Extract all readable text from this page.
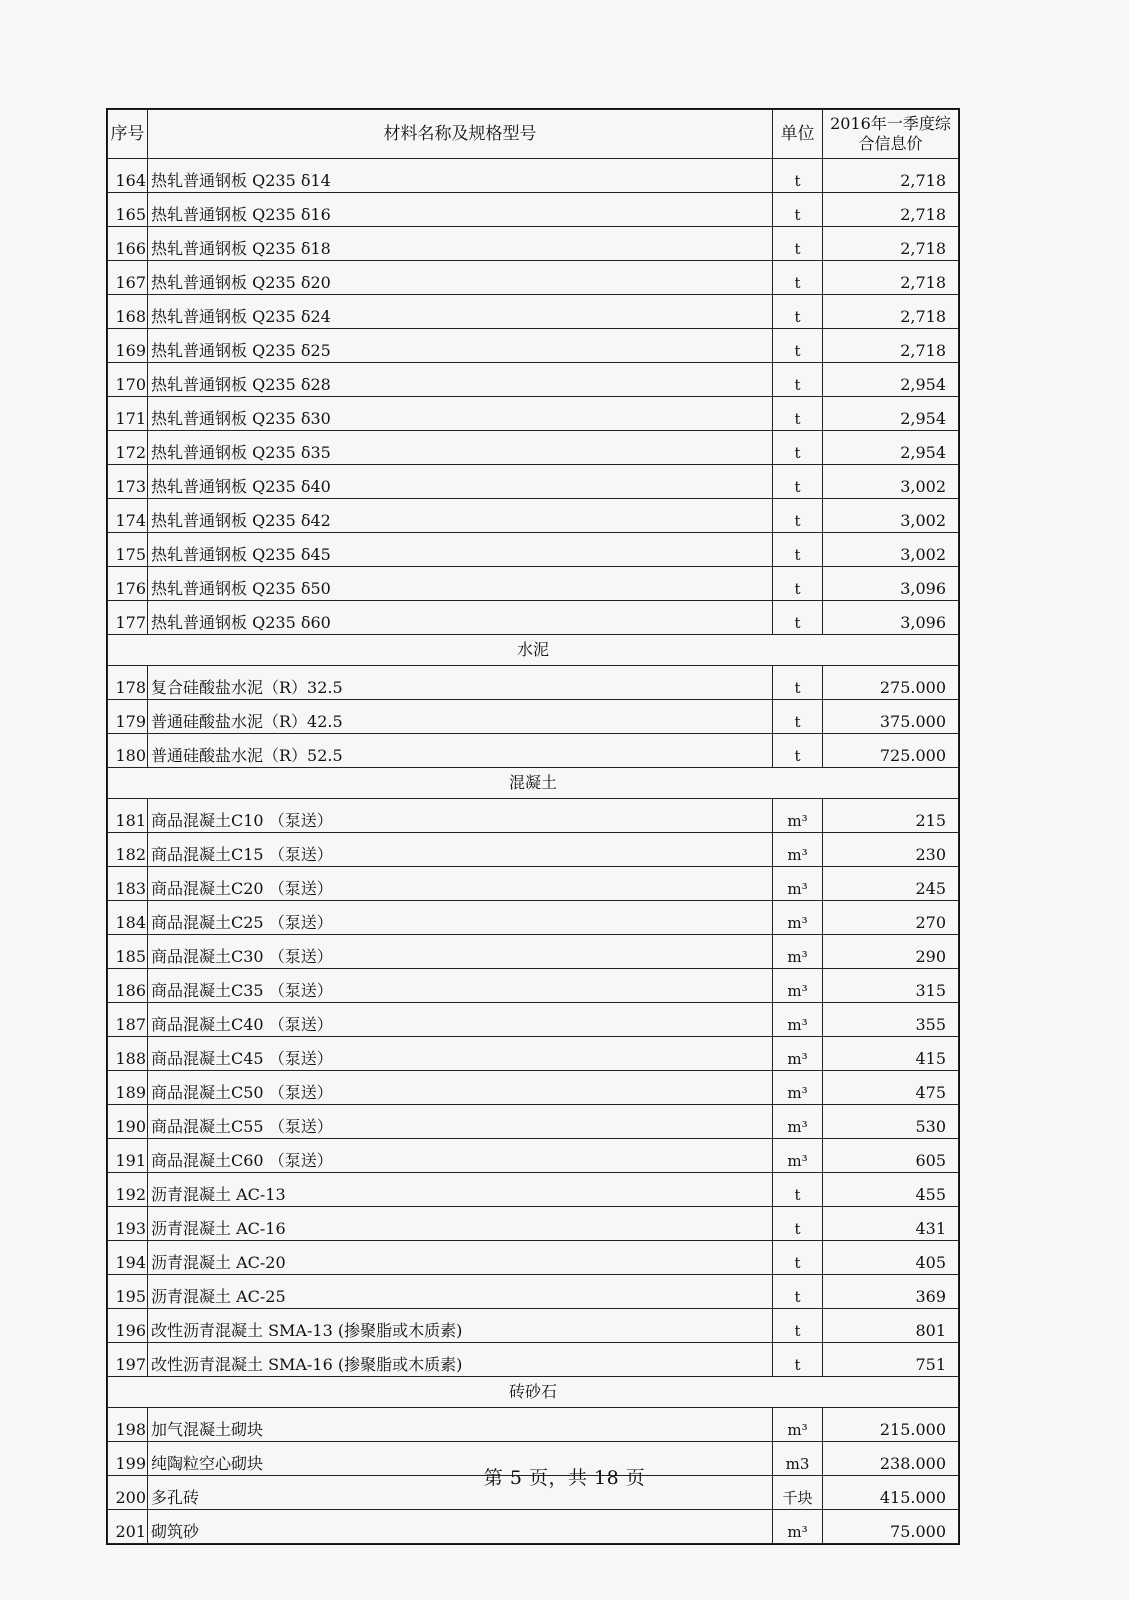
序号	材料名称及规格型号	单位	2016年一季度综合信息价
164	热轧普通钢板 Q235 δ14	t	2,718
165	热轧普通钢板 Q235 δ16	t	2,718
166	热轧普通钢板 Q235 δ18	t	2,718
167	热轧普通钢板 Q235 δ20	t	2,718
168	热轧普通钢板 Q235 δ24	t	2,718
169	热轧普通钢板 Q235 δ25	t	2,718
170	热轧普通钢板 Q235 δ28	t	2,954
171	热轧普通钢板 Q235 δ30	t	2,954
172	热轧普通钢板 Q235 δ35	t	2,954
173	热轧普通钢板 Q235 δ40	t	3,002
174	热轧普通钢板 Q235 δ42	t	3,002
175	热轧普通钢板 Q235 δ45	t	3,002
176	热轧普通钢板 Q235 δ50	t	3,096
177	热轧普通钢板 Q235 δ60	t	3,096
水泥			
178	复合硅酸盐水泥（R）32.5	t	275.000
179	普通硅酸盐水泥（R）42.5	t	375.000
180	普通硅酸盐水泥（R）52.5	t	725.000
混凝土			
181	商品混凝土C10 （泵送）	m³	215
182	商品混凝土C15 （泵送）	m³	230
183	商品混凝土C20 （泵送）	m³	245
184	商品混凝土C25 （泵送）	m³	270
185	商品混凝土C30 （泵送）	m³	290
186	商品混凝土C35 （泵送）	m³	315
187	商品混凝土C40 （泵送）	m³	355
188	商品混凝土C45 （泵送）	m³	415
189	商品混凝土C50 （泵送）	m³	475
190	商品混凝土C55 （泵送）	m³	530
191	商品混凝土C60 （泵送）	m³	605
192	沥青混凝土 AC-13	t	455
193	沥青混凝土 AC-16	t	431
194	沥青混凝土 AC-20	t	405
195	沥青混凝土 AC-25	t	369
196	改性沥青混凝土 SMA-13 (掺聚脂或木质素)	t	801
197	改性沥青混凝土 SMA-16 (掺聚脂或木质素)	t	751
砖砂石			
198	加气混凝土砌块	m³	215.000
199	纯陶粒空心砌块	m3	238.000
200	多孔砖	千块	415.000
201	砌筑砂	m³	75.000
第 5 页，共 18 页
